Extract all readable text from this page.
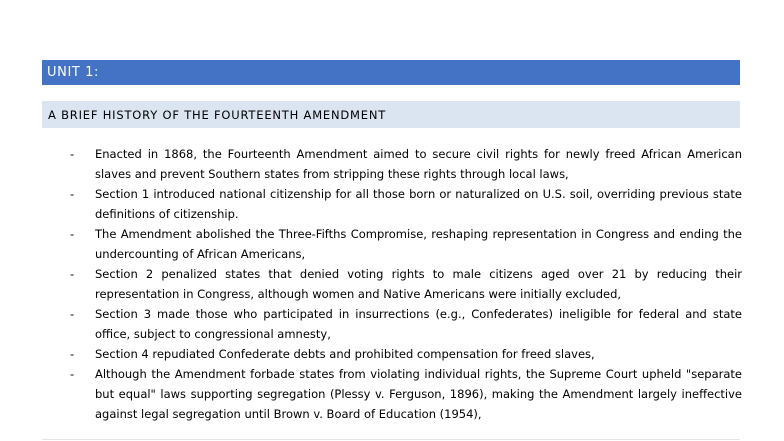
UNIT 1:
A BRIEF HISTORY OF THE FOURTEENTH AMENDMENT
-	Enacted in 1868, the Fourteenth Amendment aimed to secure civil rights for newly freed African American slaves and prevent Southern states from stripping these rights through local laws,
-	Section 1 introduced national citizenship for all those born or naturalized on U.S. soil, overriding previous state definitions of citizenship.
-	The Amendment abolished the Three-Fifths Compromise, reshaping representation in Congress and ending the undercounting of African Americans,
-	Section 2 penalized states that denied voting rights to male citizens aged over 21 by reducing their representation in Congress, although women and Native Americans were initially excluded,
-	Section 3 made those who participated in insurrections (e.g., Confederates) ineligible for federal and state office, subject to congressional amnesty,
-	Section 4 repudiated Confederate debts and prohibited compensation for freed slaves,
-	Although the Amendment forbade states from violating individual rights, the Supreme Court upheld "separate but equal" laws supporting segregation (Plessy v. Ferguson, 1896), making the Amendment largely ineffective against legal segregation until Brown v. Board of Education (1954),
